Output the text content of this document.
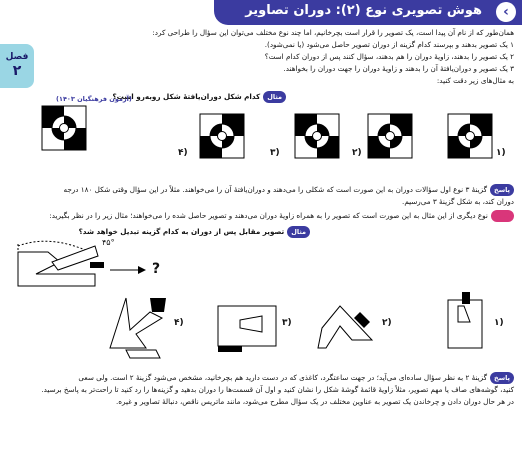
‹
هوش تصویری نوع (۲): دوران تصاویر
فصل
۲
همان‌طور که از نام آن پیدا است، یک تصویر را قرار است بچرخانیم، اما چند نوع مختلف می‌توان این سؤال را طراحی کرد:
۱ یک تصویر بدهند و بپرسند کدام گزینه از دوران تصویر حاصل می‌شود (یا نمی‌شود).
۲ یک تصویر را بدهند، زاویهٔ دوران را هم بدهند، سؤال کنند پس از دوران کدام است؟
۳ یک تصویر و دوران‌یافتهٔ آن را بدهند و زاویهٔ دوران را جهت دوران را بخواهند.
به مثال‌های زیر دقت کنید:
مثالکدام شکل دوران‌یافتهٔ شکل روبه‌رو است؟
(آزمون فرهنگیان ۱۴۰۳)
۴)	۳)	۲)	۱)
پاسخگزینهٔ ۳ نوع اول سؤالات دوران به این صورت است که شکلی را می‌دهند و دوران‌یافتهٔ آن را می‌خواهند. مثلاً در این سؤال وقتی شکل ۱۸۰ درجه
دوران کند، به شکل گزینهٔ ۳ می‌رسیم.
توجهنوع دیگری از این مثال به این صورت است که تصویر را به همراه زاویهٔ دوران می‌دهند و تصویر حاصل شده را می‌خواهند؛ مثال زیر را در نظر بگیرید:
مثالتصویر مقابل پس از دوران به کدام گزینه تبدیل خواهد شد؟
۴۵°
?
۴)	۳)	۲)	۱)
پاسخگزینهٔ ۲ به نظر سؤال ساده‌ای می‌آید؛ در جهت ساعتگرد، کاغذی که در دست دارید هم بچرخانید، مشخص می‌شود گزینهٔ ۲ است. ولی سعی
کنید، گوشه‌های صاف یا مهم تصویر، مثلاً زاویهٔ قائمهٔ گوشهٔ شکل را نشان کنید و اول آن قسمت‌ها را دوران بدهید و گزینه‌ها را رد کنید تا راحت‌تر به پاسخ برسید.
در هر حال دوران دادن و چرخاندن یک تصویر به عناوین مختلف در یک سؤال مطرح می‌شود، مانند ماتریس ناقص، دنبالهٔ تصاویر و غیره.
